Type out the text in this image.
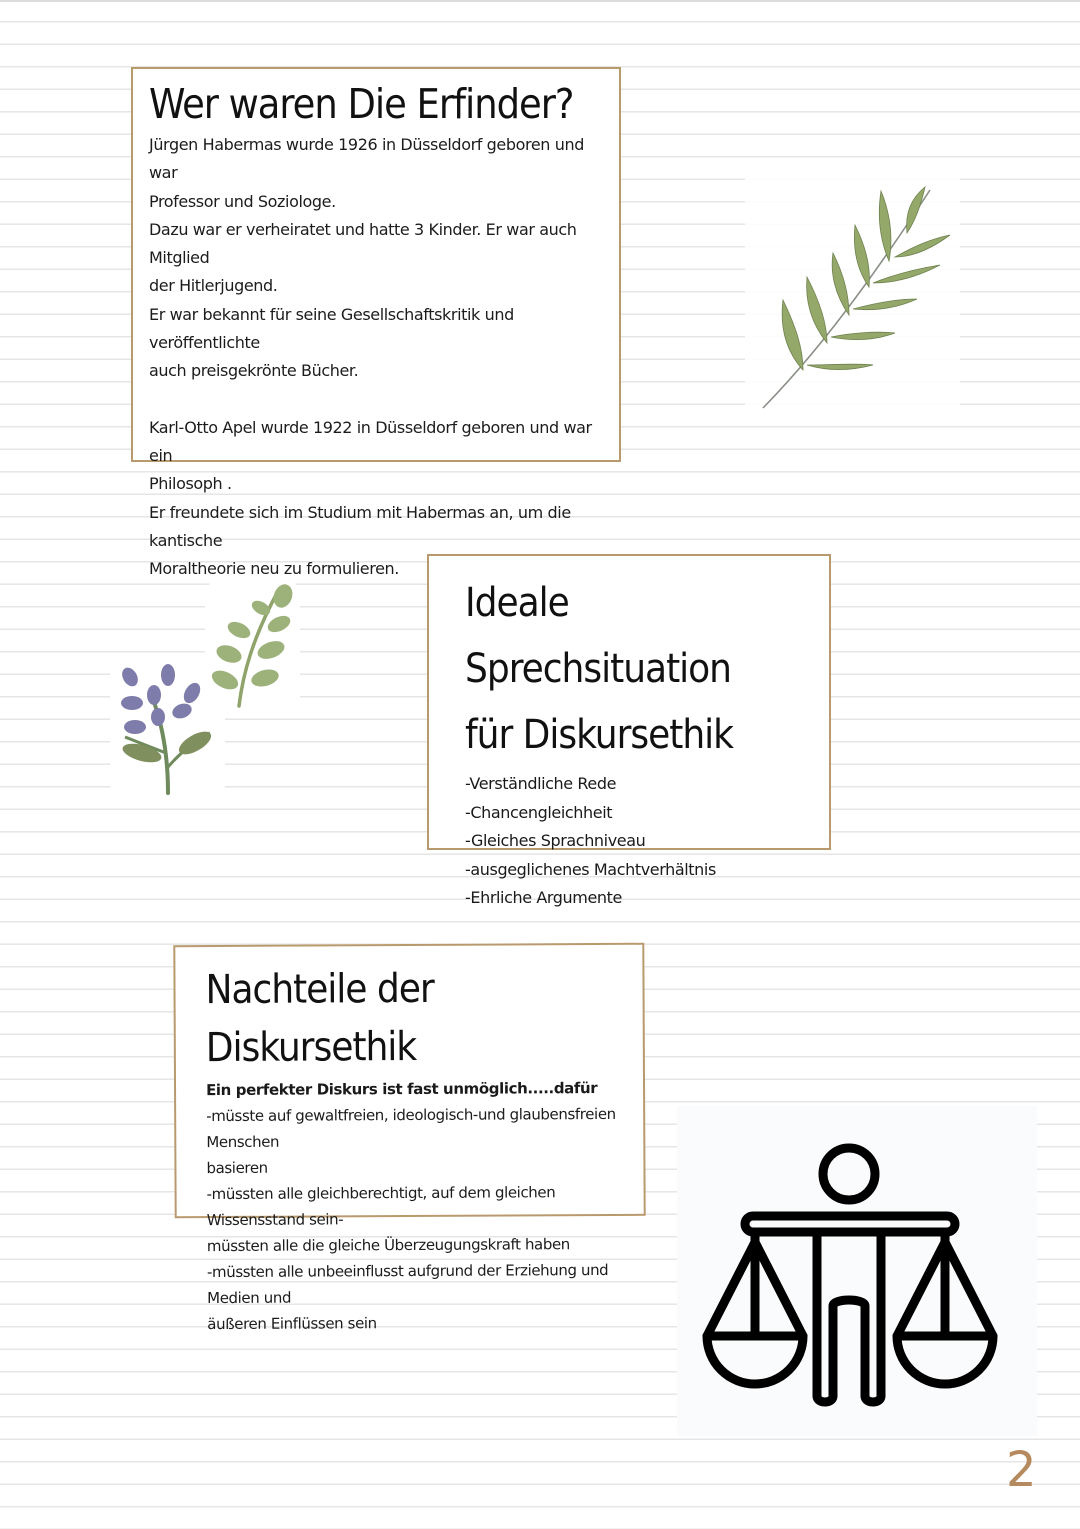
Wer waren Die Erfinder?
Jürgen Habermas wurde 1926 in Düsseldorf geboren und war
Professor und Soziologe.
Dazu war er verheiratet und hatte 3 Kinder. Er war auch Mitglied
der Hitlerjugend.
Er war bekannt für seine Gesellschaftskritik und veröffentlichte
auch preisgekrönte Bücher.
Karl-Otto Apel wurde 1922 in Düsseldorf geboren und war ein
Philosoph .
Er freundete sich im Studium mit Habermas an, um die kantische
Moraltheorie neu zu formulieren.
Ideale Sprechsituation
für Diskursethik
-Verständliche Rede
-Chancengleichheit
-Gleiches Sprachniveau
-ausgeglichenes Machtverhältnis
-Ehrliche Argumente
Nachteile der Diskursethik
Ein perfekter Diskurs ist fast unmöglich.....dafür
-müsste auf gewaltfreien, ideologisch-und glaubensfreien Menschen
basieren
-müssten alle gleichberechtigt, auf dem gleichen Wissensstand sein-
müssten alle die gleiche Überzeugungskraft haben
-müssten alle unbeeinflusst aufgrund der Erziehung und Medien und
äußeren Einflüssen sein
2
